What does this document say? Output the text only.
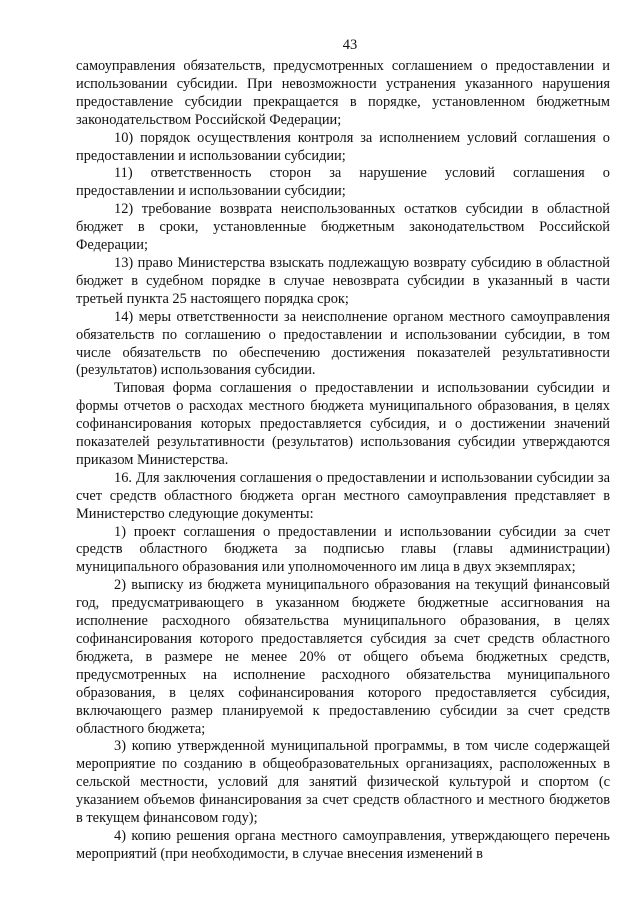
43

самоуправления обязательств, предусмотренных соглашением о предоставлении и использовании субсидии. При невозможности устранения указанного нарушения предоставление субсидии прекращается в порядке, установленном бюджетным законодательством Российской Федерации;

10) порядок осуществления контроля за исполнением условий соглашения о предоставлении и использовании субсидии;

11) ответственность сторон за нарушение условий соглашения о предоставлении и использовании субсидии;

12) требование возврата неиспользованных остатков субсидии в областной бюджет в сроки, установленные бюджетным законодательством Российской Федерации;

13) право Министерства взыскать подлежащую возврату субсидию в областной бюджет в судебном порядке в случае невозврата субсидии в указанный в части третьей пункта 25 настоящего порядка срок;

14) меры ответственности за неисполнение органом местного самоуправления обязательств по соглашению о предоставлении и использовании субсидии, в том числе обязательств по обеспечению достижения показателей результативности (результатов) использования субсидии.

Типовая форма соглашения о предоставлении и использовании субсидии и формы отчетов о расходах местного бюджета муниципального образования, в целях софинансирования которых предоставляется субсидия, и о достижении значений показателей результативности (результатов) использования субсидии утверждаются приказом Министерства.

16. Для заключения соглашения о предоставлении и использовании субсидии за счет средств областного бюджета орган местного самоуправления представляет в Министерство следующие документы:

1) проект соглашения о предоставлении и использовании субсидии за счет средств областного бюджета за подписью главы (главы администрации) муниципального образования или уполномоченного им лица в двух экземплярах;

2) выписку из бюджета муниципального образования на текущий финансовый год, предусматривающего в указанном бюджете бюджетные ассигнования на исполнение расходного обязательства муниципального образования, в целях софинансирования которого предоставляется субсидия за счет средств областного бюджета, в размере не менее 20% от общего объема бюджетных средств, предусмотренных на исполнение расходного обязательства муниципального образования, в целях софинансирования которого предоставляется субсидия, включающего размер планируемой к предоставлению субсидии за счет средств областного бюджета;

3) копию утвержденной муниципальной программы, в том числе содержащей мероприятие по созданию в общеобразовательных организациях, расположенных в сельской местности, условий для занятий физической культурой и спортом (с указанием объемов финансирования за счет средств областного и местного бюджетов в текущем финансовом году);

4) копию решения органа местного самоуправления, утверждающего перечень мероприятий (при необходимости, в случае внесения изменений в
